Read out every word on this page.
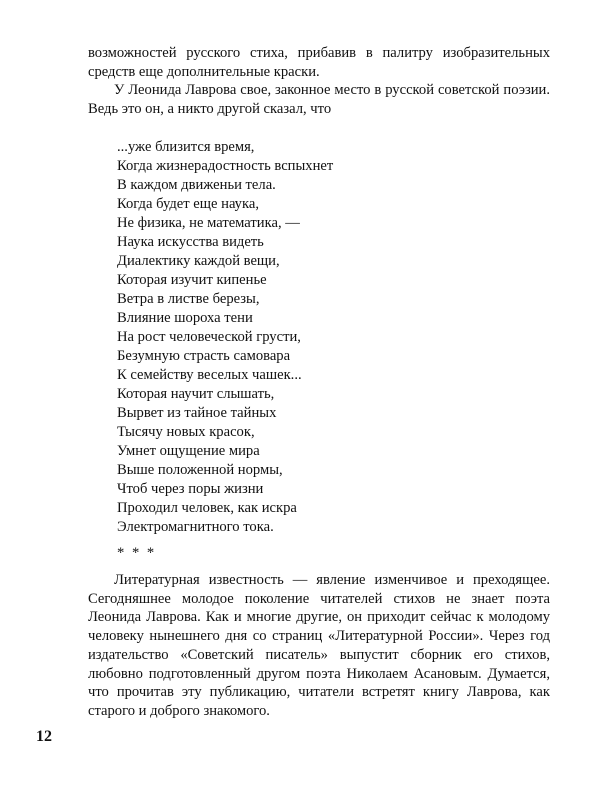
возможностей русского стиха, прибавив в палитру изобразительных средств еще дополнительные краски.

У Леонида Лаврова свое, законное место в русской советской поэзии. Ведь это он, а никто другой сказал, что

...уже близится время,
Когда жизнерадостность вспыхнет
В каждом движеньи тела.
Когда будет еще наука,
Не физика, не математика, —
Наука искусства видеть
Диалектику каждой вещи,
Которая изучит кипенье
Ветра в листве березы,
Влияние шороха тени
На рост человеческой грусти,
Безумную страсть самовара
К семейству веселых чашек...
Которая научит слышать,
Вырвет из тайное тайных
Тысячу новых красок,
Умнет ощущение мира
Выше положенной нормы,
Чтоб через поры жизни
Проходил человек, как искра
Электромагнитного тока.
* * *

Литературная известность — явление изменчивое и преходящее. Сегодняшнее молодое поколение читателей стихов не знает поэта Леонида Лаврова. Как и многие другие, он приходит сейчас к молодому человеку нынешнего дня со страниц «Литературной России». Через год издательство «Советский писатель» выпустит сборник его стихов, любовно подготовленный другом поэта Николаем Асановым. Думается, что прочитав эту публикацию, читатели встретят книгу Лаврова, как старого и доброго знакомого.

12
